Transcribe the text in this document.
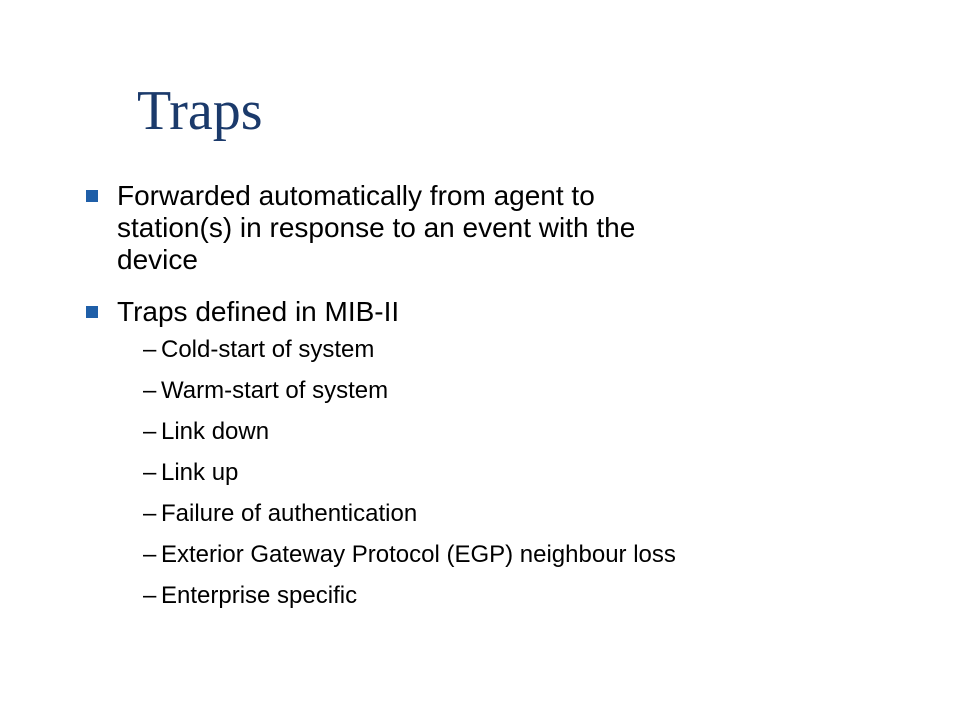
Traps
Forwarded automatically from agent to
station(s) in response to an event with the
device
Traps defined in MIB-II
– Cold-start of system
– Warm-start of system
– Link down
– Link up
– Failure of authentication
– Exterior Gateway Protocol (EGP) neighbour loss
– Enterprise specific
